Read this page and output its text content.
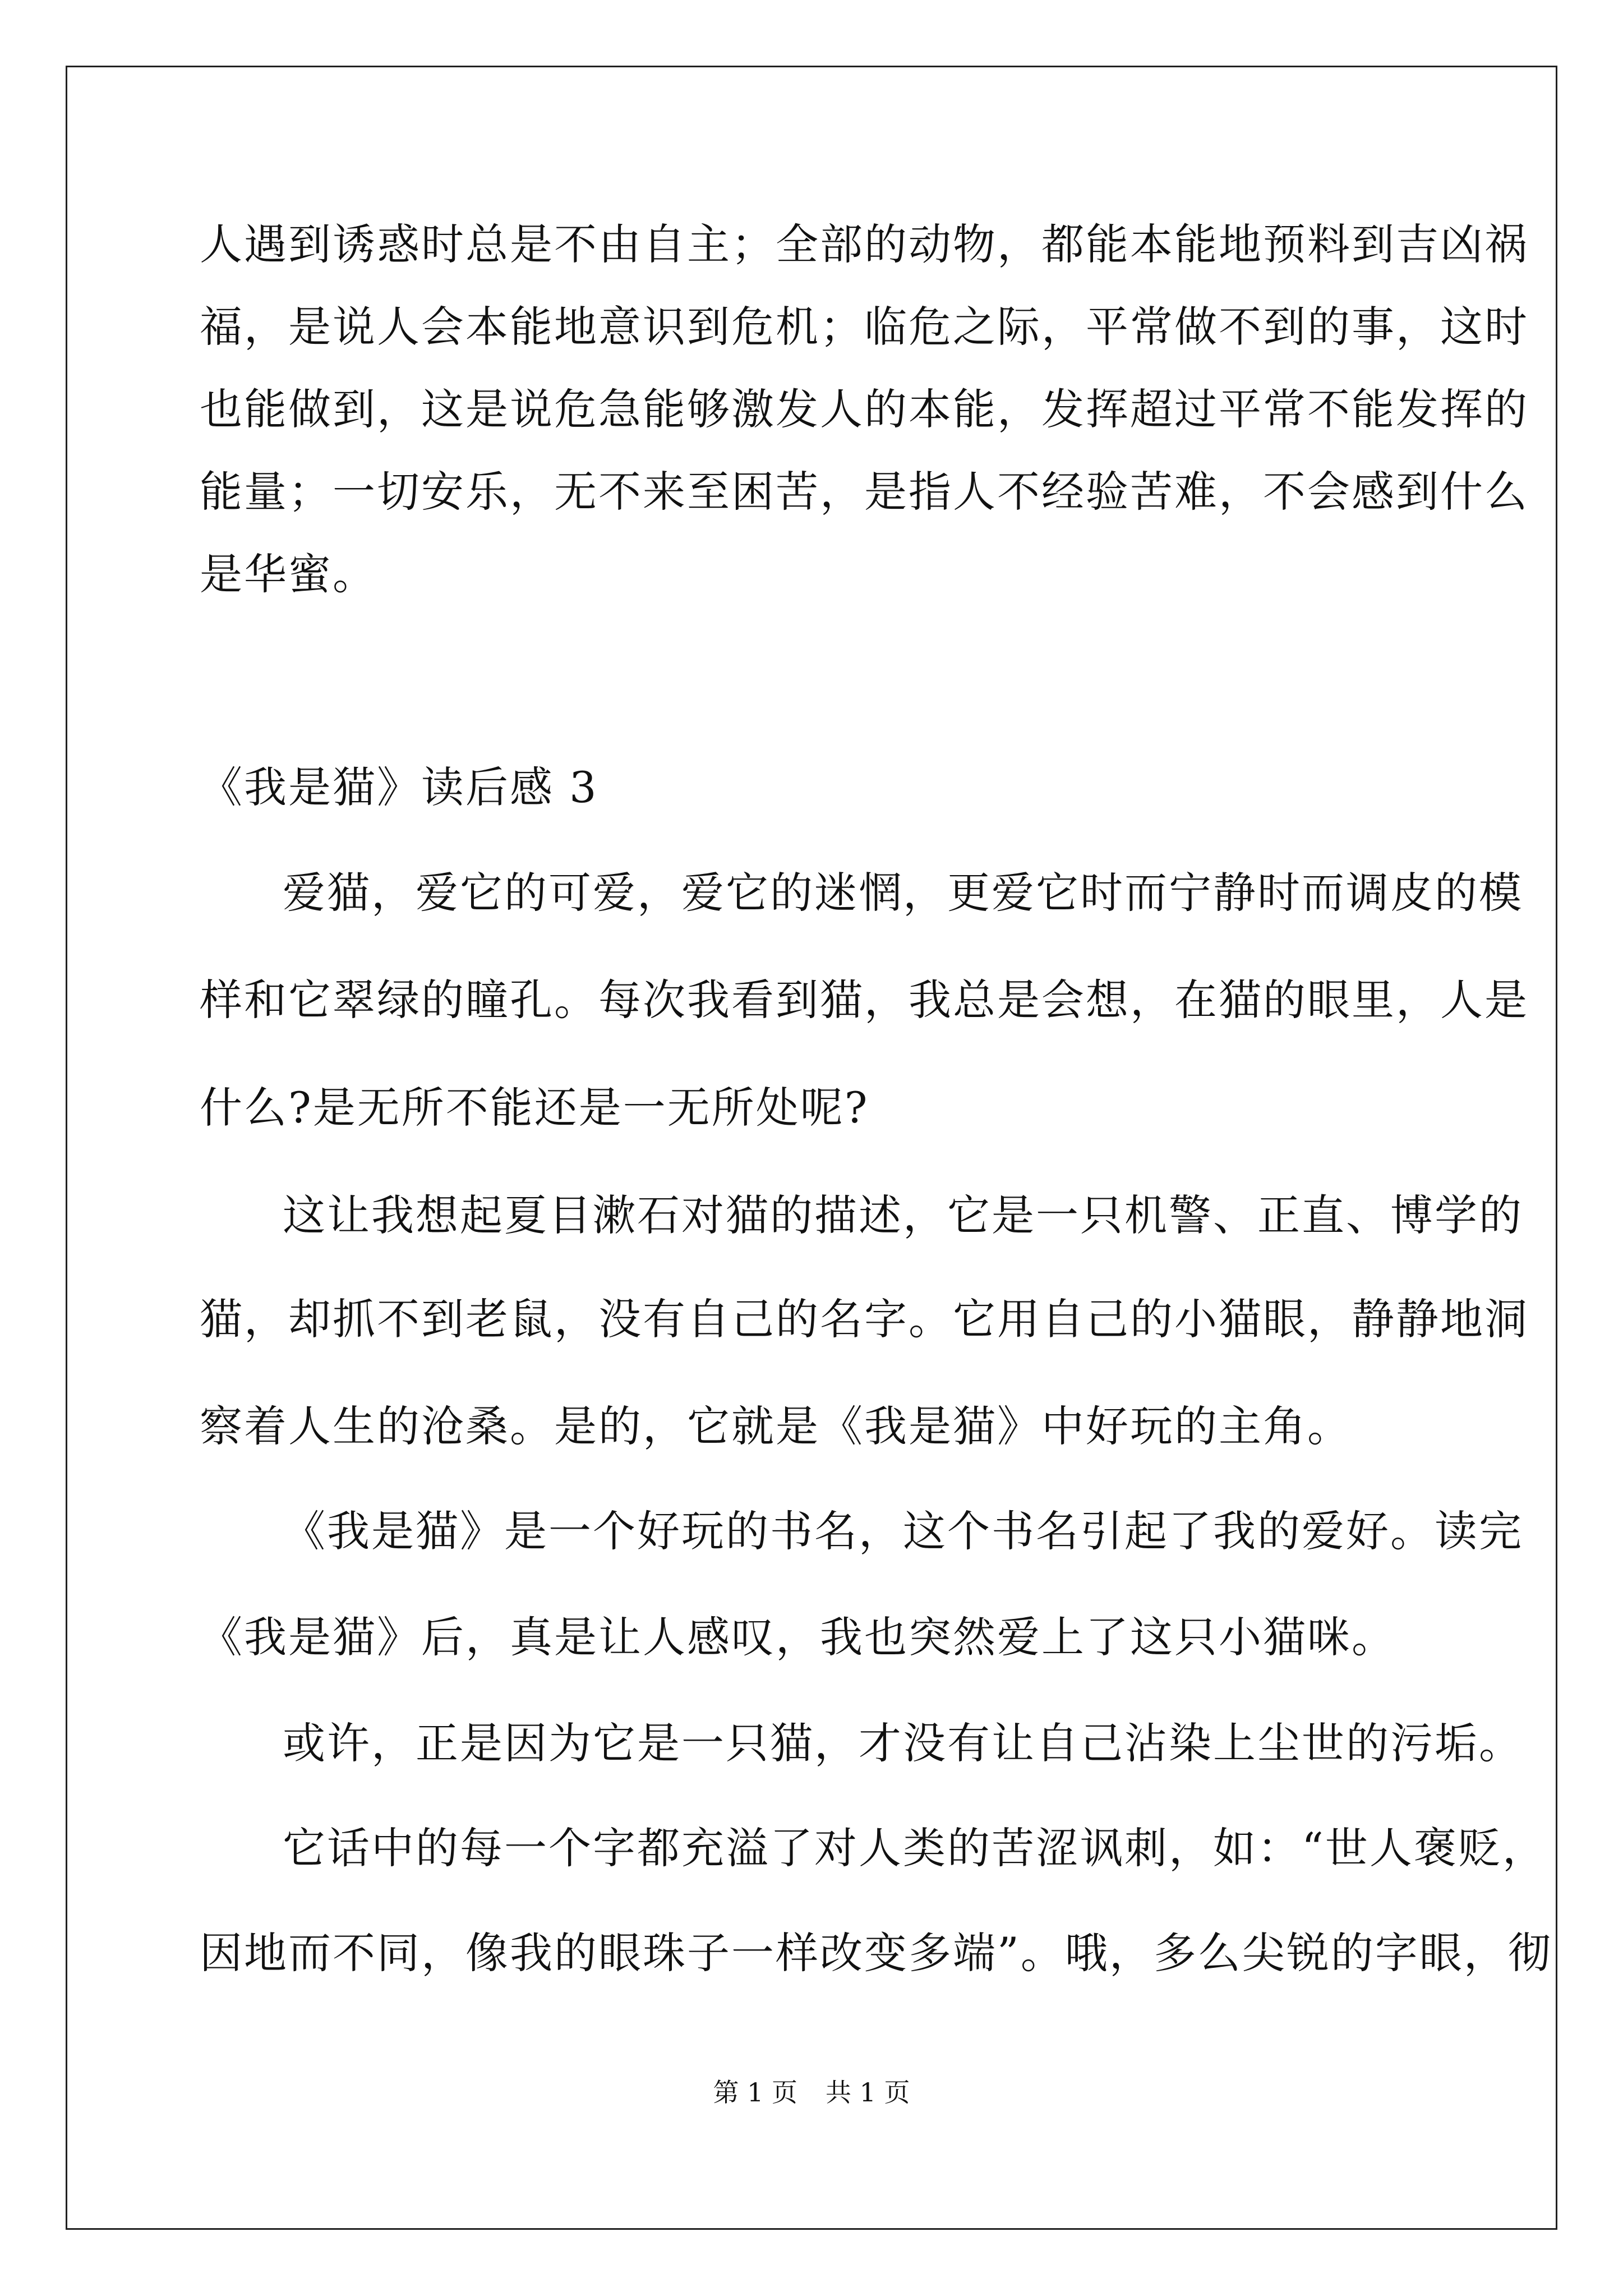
人遇到诱惑时总是不由自主；全部的动物，都能本能地预料到吉凶祸
福，是说人会本能地意识到危机；临危之际，平常做不到的事，这时
也能做到，这是说危急能够激发人的本能，发挥超过平常不能发挥的
能量；一切安乐，无不来至困苦，是指人不经验苦难，不会感到什么
是华蜜。
《我是猫》读后感 3
爱猫，爱它的可爱，爱它的迷惘，更爱它时而宁静时而调皮的模
样和它翠绿的瞳孔。每次我看到猫，我总是会想，在猫的眼里，人是
什么?是无所不能还是一无所处呢?
这让我想起夏目漱石对猫的描述，它是一只机警、正直、博学的
猫，却抓不到老鼠，没有自己的名字。它用自己的小猫眼，静静地洞
察着人生的沧桑。是的，它就是《我是猫》中好玩的主角。
《我是猫》是一个好玩的书名，这个书名引起了我的爱好。读完
《我是猫》后，真是让人感叹，我也突然爱上了这只小猫咪。
或许，正是因为它是一只猫，才没有让自己沾染上尘世的污垢。
它话中的每一个字都充溢了对人类的苦涩讽刺，如：“世人褒贬，
因地而不同，像我的眼珠子一样改变多端”。哦，多么尖锐的字眼，彻
第 1 页 共 1 页
